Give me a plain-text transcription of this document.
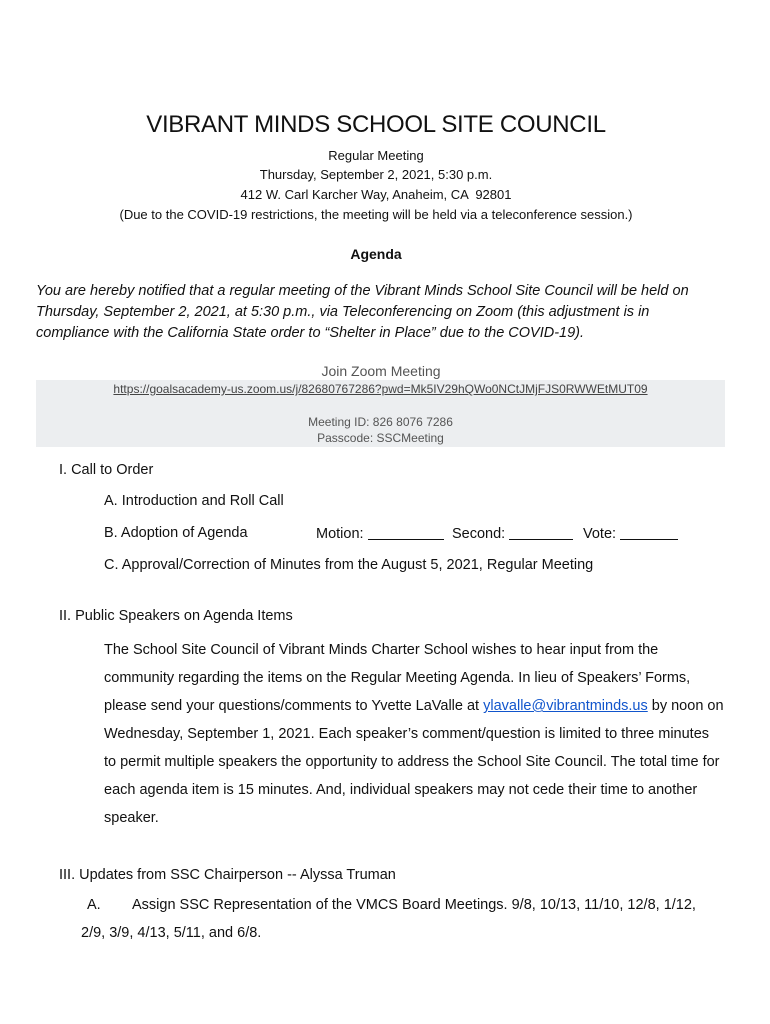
VIBRANT MINDS SCHOOL SITE COUNCIL
Regular Meeting
Thursday, September 2, 2021, 5:30 p.m.
412 W. Carl Karcher Way, Anaheim, CA  92801
(Due to the COVID-19 restrictions, the meeting will be held via a teleconference session.)
Agenda
You are hereby notified that a regular meeting of the Vibrant Minds School Site Council will be held on Thursday, September 2, 2021, at 5:30 p.m., via Teleconferencing on Zoom (this adjustment is in compliance with the California State order to “Shelter in Place” due to the COVID-19).
Join Zoom Meeting
https://goalsacademy-us.zoom.us/j/82680767286?pwd=Mk5IV29hQWo0NCtJMjFJS0RWWEtMUT09
Meeting ID: 826 8076 7286
Passcode: SSCMeeting
I. Call to Order
A. Introduction and Roll Call
B. Adoption of Agenda	Motion:	Second:	Vote:
C. Approval/Correction of Minutes from the August 5, 2021, Regular Meeting
II. Public Speakers on Agenda Items
The School Site Council of Vibrant Minds Charter School wishes to hear input from the community regarding the items on the Regular Meeting Agenda. In lieu of Speakers’ Forms, please send your questions/comments to Yvette LaValle at ylavalle@vibrantminds.us by noon on Wednesday, September 1, 2021. Each speaker’s comment/question is limited to three minutes to permit multiple speakers the opportunity to address the School Site Council. The total time for each agenda item is 15 minutes. And, individual speakers may not cede their time to another speaker.
III. Updates from SSC Chairperson -- Alyssa Truman
A. Assign SSC Representation of the VMCS Board Meetings. 9/8, 10/13, 11/10, 12/8, 1/12, 2/9, 3/9, 4/13, 5/11, and 6/8.
